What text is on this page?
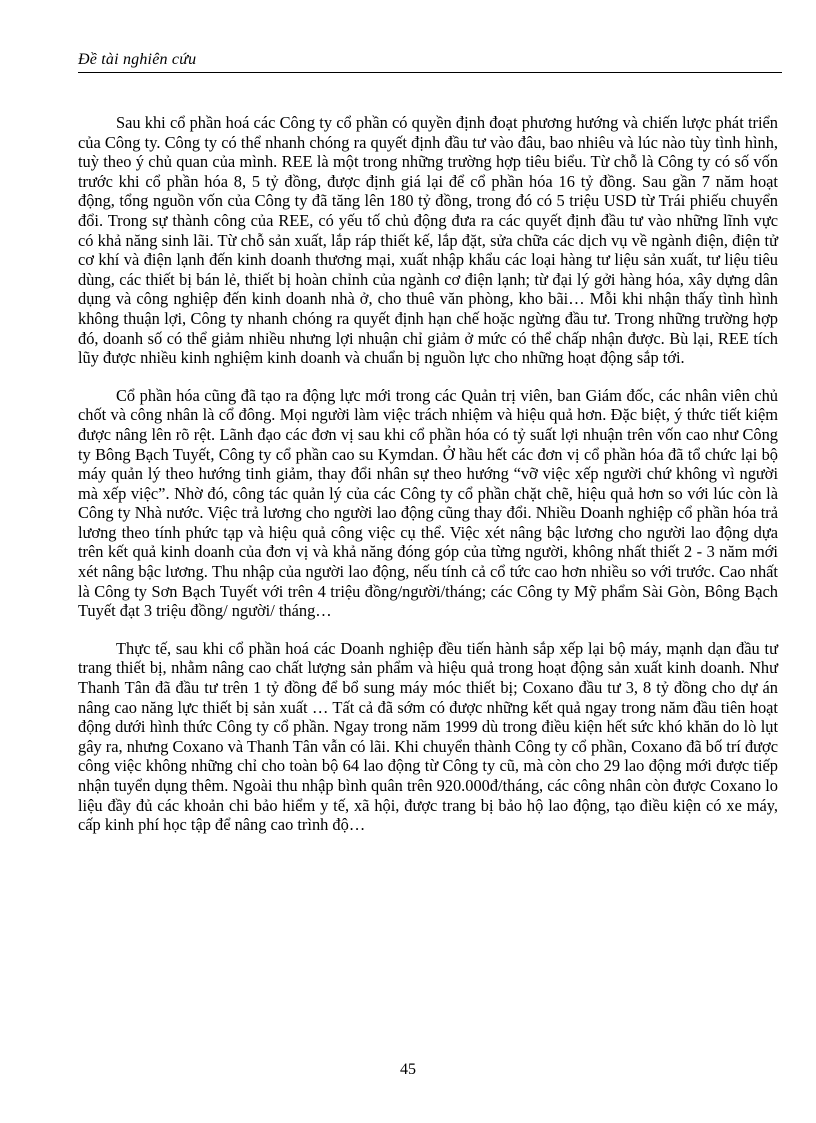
Đề tài nghiên cứu

Sau khi cổ phần hoá các Công ty cổ phần có quyền định đoạt phương hướng và chiến lược phát triển của Công ty. Công ty có thể nhanh chóng ra quyết định đầu tư vào đâu, bao nhiêu và lúc nào tùy tình hình, tuỳ theo ý chủ quan của mình. REE là một trong những trường hợp tiêu biểu. Từ chỗ là Công ty có số vốn trước khi cổ phần hóa 8, 5 tỷ đồng, được định giá lại để cổ phần hóa 16 tỷ đồng. Sau gần 7 năm hoạt động, tổng nguồn vốn của Công ty đã tăng lên 180 tỷ đồng, trong đó có 5 triệu USD từ Trái phiếu chuyển đổi. Trong sự thành công của REE, có yếu tố chủ động đưa ra các quyết định đầu tư vào những lĩnh vực có khả năng sinh lãi. Từ chỗ sản xuất, lắp ráp thiết kế, lắp đặt, sửa chữa các dịch vụ về ngành điện, điện tử cơ khí và điện lạnh đến kinh doanh thương mại, xuất nhập khẩu các loại hàng tư liệu sản xuất, tư liệu tiêu dùng, các thiết bị bán lẻ, thiết bị hoàn chỉnh của ngành cơ điện lạnh; từ đại lý gởi hàng hóa, xây dựng dân dụng và công nghiệp đến kinh doanh nhà ở, cho thuê văn phòng, kho bãi… Mỗi khi nhận thấy tình hình không thuận lợi, Công ty nhanh chóng ra quyết định hạn chế hoặc ngừng đầu tư. Trong những trường hợp đó, doanh số có thể giảm nhiều nhưng lợi nhuận chỉ giảm ở mức có thể chấp nhận được. Bù lại, REE tích lũy được nhiều kinh nghiệm kinh doanh và chuẩn bị nguồn lực cho những hoạt động sắp tới.

Cổ phần hóa cũng đã tạo ra động lực mới trong các Quản trị viên, ban Giám đốc, các nhân viên chủ chốt và công nhân là cổ đông. Mọi người làm việc trách nhiệm và hiệu quả hơn. Đặc biệt, ý thức tiết kiệm được nâng lên rõ rệt. Lãnh đạo các đơn vị sau khi cổ phần hóa có tỷ suất lợi nhuận trên vốn cao như Công ty Bông Bạch Tuyết, Công ty cổ phần cao su Kymdan. Ở hầu hết các đơn vị cổ phần hóa đã tổ chức lại bộ máy quản lý theo hướng tinh giảm, thay đổi nhân sự theo hướng “vỡ việc xếp người chứ không vì người mà xếp việc”. Nhờ đó, công tác quản lý của các Công ty cổ phần chặt chẽ, hiệu quả hơn so với lúc còn là Công ty Nhà nước. Việc trả lương cho người lao động cũng thay đổi. Nhiều Doanh nghiệp cổ phần hóa trả lương theo tính phức tạp và hiệu quả công việc cụ thể. Việc xét nâng bậc lương cho người lao động dựa trên kết quả kinh doanh của đơn vị và khả năng đóng góp của từng người, không nhất thiết 2 - 3 năm mới xét nâng bậc lương. Thu nhập của người lao động, nếu tính cả cổ tức cao hơn nhiều so với trước. Cao nhất là Công ty Sơn Bạch Tuyết với trên 4 triệu đồng/người/tháng; các Công ty Mỹ phẩm Sài Gòn, Bông Bạch Tuyết đạt 3 triệu đồng/ người/ tháng…

Thực tế, sau khi cổ phần hoá các Doanh nghiệp đều tiến hành sắp xếp lại bộ máy, mạnh dạn đầu tư trang thiết bị, nhằm nâng cao chất lượng sản phẩm và hiệu quả trong hoạt động sản xuất kinh doanh. Như Thanh Tân đã đầu tư trên 1 tỷ đồng để bổ sung máy móc thiết bị; Coxano đầu tư 3, 8 tỷ đồng cho dự án nâng cao năng lực thiết bị sản xuất … Tất cả đã sớm có được những kết quả ngay trong năm đầu tiên hoạt động dưới hình thức Công ty cổ phần. Ngay trong năm 1999 dù trong điều kiện hết sức khó khăn do lò lụt gây ra, nhưng Coxano và Thanh Tân vẫn có lãi. Khi chuyển thành Công ty cổ phần, Coxano đã bố trí được công việc không những chỉ cho toàn bộ 64 lao động từ Công ty cũ, mà còn cho 29 lao động mới được tiếp nhận tuyển dụng thêm. Ngoài thu nhập bình quân trên 920.000đ/tháng, các công nhân còn được Coxano lo liệu đầy đủ các khoản chi bảo hiểm y tế, xã hội, được trang bị bảo hộ lao động, tạo điều kiện có xe máy, cấp kinh phí học tập để nâng cao trình độ…

45
